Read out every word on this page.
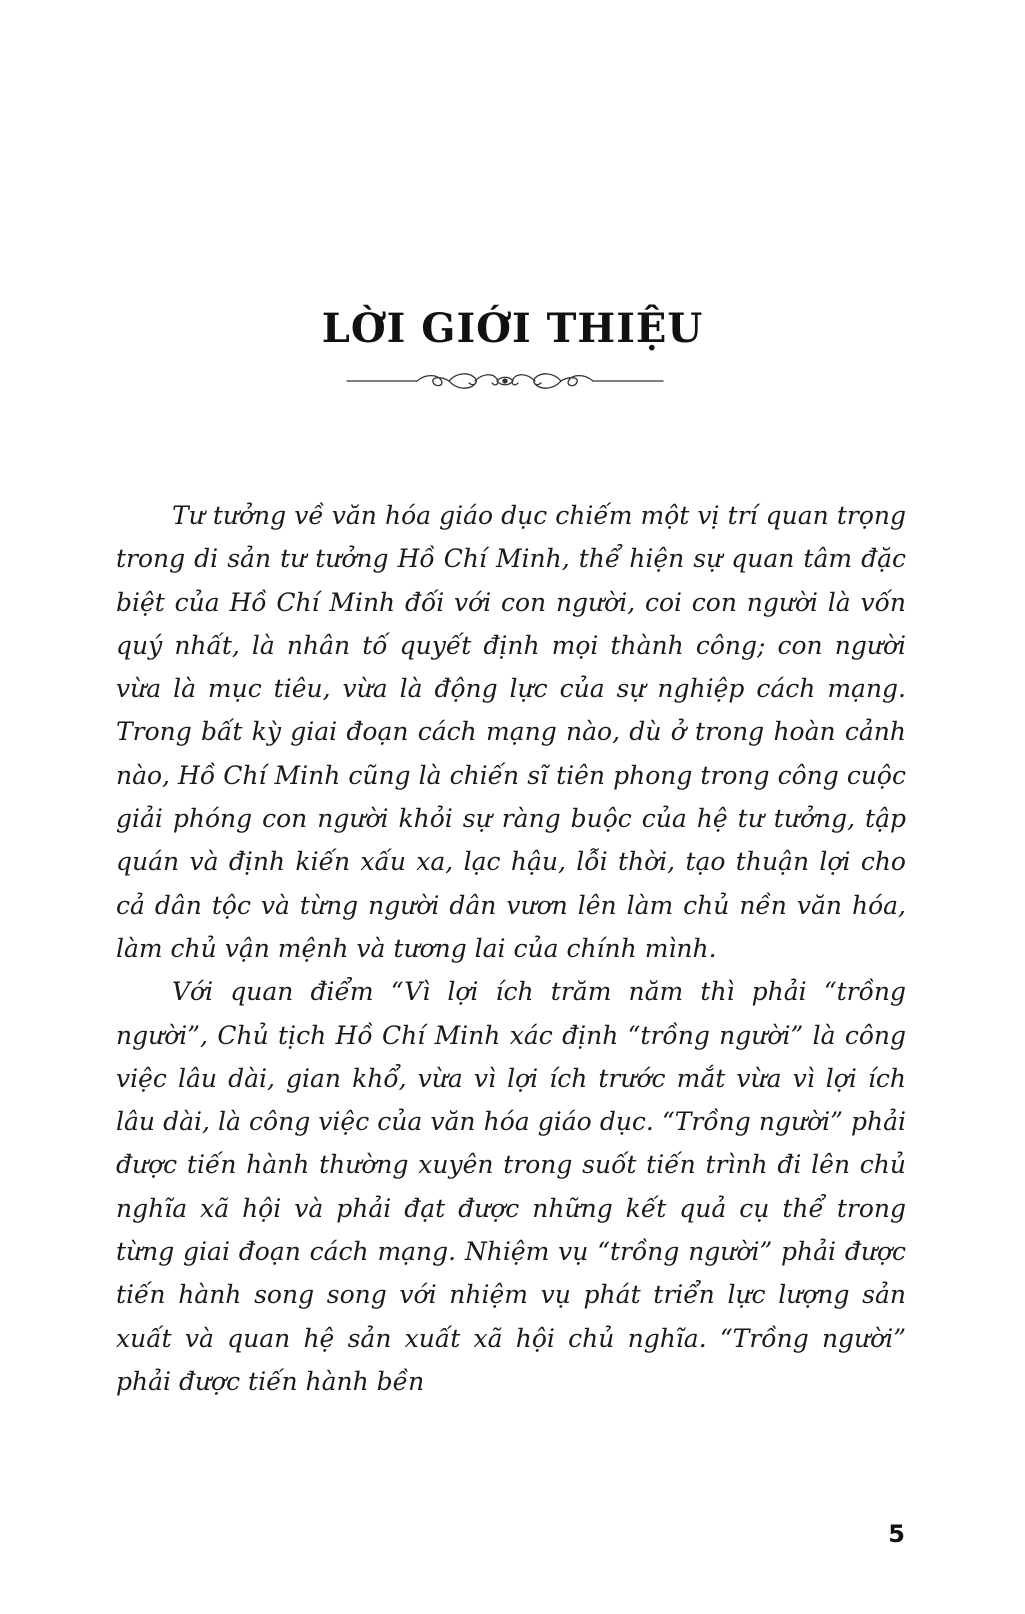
LỜI GIỚI THIỆU

Tư tưởng về văn hóa giáo dục chiếm một vị trí quan trọng trong di sản tư tưởng Hồ Chí Minh, thể hiện sự quan tâm đặc biệt của Hồ Chí Minh đối với con người, coi con người là vốn quý nhất, là nhân tố quyết định mọi thành công; con người vừa là mục tiêu, vừa là động lực của sự nghiệp cách mạng. Trong bất kỳ giai đoạn cách mạng nào, dù ở trong hoàn cảnh nào, Hồ Chí Minh cũng là chiến sĩ tiên phong trong công cuộc giải phóng con người khỏi sự ràng buộc của hệ tư tưởng, tập quán và định kiến xấu xa, lạc hậu, lỗi thời, tạo thuận lợi cho cả dân tộc và từng người dân vươn lên làm chủ nền văn hóa, làm chủ vận mệnh và tương lai của chính mình.

Với quan điểm “Vì lợi ích trăm năm thì phải “trồng người”, Chủ tịch Hồ Chí Minh xác định “trồng người” là công việc lâu dài, gian khổ, vừa vì lợi ích trước mắt vừa vì lợi ích lâu dài, là công việc của văn hóa giáo dục. “Trồng người” phải được tiến hành thường xuyên trong suốt tiến trình đi lên chủ nghĩa xã hội và phải đạt được những kết quả cụ thể trong từng giai đoạn cách mạng. Nhiệm vụ “trồng người” phải được tiến hành song song với nhiệm vụ phát triển lực lượng sản xuất và quan hệ sản xuất xã hội chủ nghĩa. “Trồng người” phải được tiến hành bền

5
